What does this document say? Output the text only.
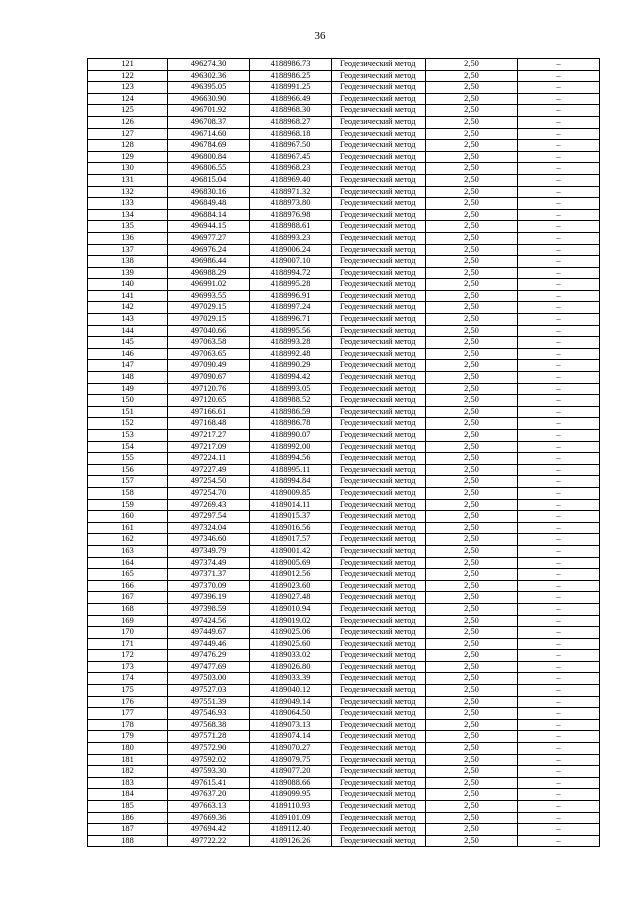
36
121	496274.30	4188986.73	Геодезический метод	2,50	–
122	496302.36	4188986.25	Геодезический метод	2,50	–
123	496395.05	4188991.25	Геодезический метод	2,50	–
124	496630.90	4188966.49	Геодезический метод	2,50	–
125	496701.92	4188968.30	Геодезический метод	2,50	–
126	496708.37	4188968.27	Геодезический метод	2,50	–
127	496714.60	4188968.18	Геодезический метод	2,50	–
128	496784.69	4188967.50	Геодезический метод	2,50	–
129	496800.84	4188967.45	Геодезический метод	2,50	–
130	496806.55	4188968.23	Геодезический метод	2,50	–
131	496815.04	4188969.40	Геодезический метод	2,50	–
132	496830.16	4188971.32	Геодезический метод	2,50	–
133	496849.48	4188973.80	Геодезический метод	2,50	–
134	496884.14	4188976.98	Геодезический метод	2,50	–
135	496944.15	4188988.61	Геодезический метод	2,50	–
136	496977.27	4188993.23	Геодезический метод	2,50	–
137	496976.24	4189006.24	Геодезический метод	2,50	–
138	496986.44	4189007.10	Геодезический метод	2,50	–
139	496988.29	4188994.72	Геодезический метод	2,50	–
140	496991.02	4188995.28	Геодезический метод	2,50	–
141	496993.55	4188996.91	Геодезический метод	2,50	–
142	497029.15	4188997.24	Геодезический метод	2,50	–
143	497029.15	4188996.71	Геодезический метод	2,50	–
144	497040.66	4188995.56	Геодезический метод	2,50	–
145	497063.58	4188993.28	Геодезический метод	2,50	–
146	497063.65	4188992.48	Геодезический метод	2,50	–
147	497090.49	4188990.29	Геодезический метод	2,50	–
148	497090.67	4188994.42	Геодезический метод	2,50	–
149	497120.76	4188993.05	Геодезический метод	2,50	–
150	497120.65	4188988.52	Геодезический метод	2,50	–
151	497166.61	4188986.59	Геодезический метод	2,50	–
152	497168.48	4188986.78	Геодезический метод	2,50	–
153	497217.27	4188990.07	Геодезический метод	2,50	–
154	497217.09	4188992.00	Геодезический метод	2,50	–
155	497224.11	4188994.56	Геодезический метод	2,50	–
156	497227.49	4188995.11	Геодезический метод	2,50	–
157	497254.50	4188994.84	Геодезический метод	2,50	–
158	497254.70	4189009.85	Геодезический метод	2,50	–
159	497269.43	4189014.11	Геодезический метод	2,50	–
160	497297.54	4189015.37	Геодезический метод	2,50	–
161	497324.04	4189016.56	Геодезический метод	2,50	–
162	497346.60	4189017.57	Геодезический метод	2,50	–
163	497349.79	4189001.42	Геодезический метод	2,50	–
164	497374.49	4189005.69	Геодезический метод	2,50	–
165	497371.37	4189012.56	Геодезический метод	2,50	–
166	497370.09	4189023.60	Геодезический метод	2,50	–
167	497396.19	4189027.48	Геодезический метод	2,50	–
168	497398.59	4189010.94	Геодезический метод	2,50	–
169	497424.56	4189019.02	Геодезический метод	2,50	–
170	497449.67	4189025.06	Геодезический метод	2,50	–
171	497449.46	4189025.60	Геодезический метод	2,50	–
172	497476.29	4189033.02	Геодезический метод	2,50	–
173	497477.69	4189026.80	Геодезический метод	2,50	–
174	497503.00	4189033.39	Геодезический метод	2,50	–
175	497527.03	4189040.12	Геодезический метод	2,50	–
176	497551.39	4189049.14	Геодезический метод	2,50	–
177	497546.93	4189064.50	Геодезический метод	2,50	–
178	497568.38	4189073.13	Геодезический метод	2,50	–
179	497571.28	4189074.14	Геодезический метод	2,50	–
180	497572.90	4189070.27	Геодезический метод	2,50	–
181	497592.02	4189079.75	Геодезический метод	2,50	–
182	497593.30	4189077.20	Геодезический метод	2,50	–
183	497615.41	4189088.66	Геодезический метод	2,50	–
184	497637.20	4189099.95	Геодезический метод	2,50	–
185	497663.13	4189110.93	Геодезический метод	2,50	–
186	497669.36	4189101.09	Геодезический метод	2,50	–
187	497694.42	4189112.40	Геодезический метод	2,50	–
188	497722.22	4189126.26	Геодезический метод	2,50	–
